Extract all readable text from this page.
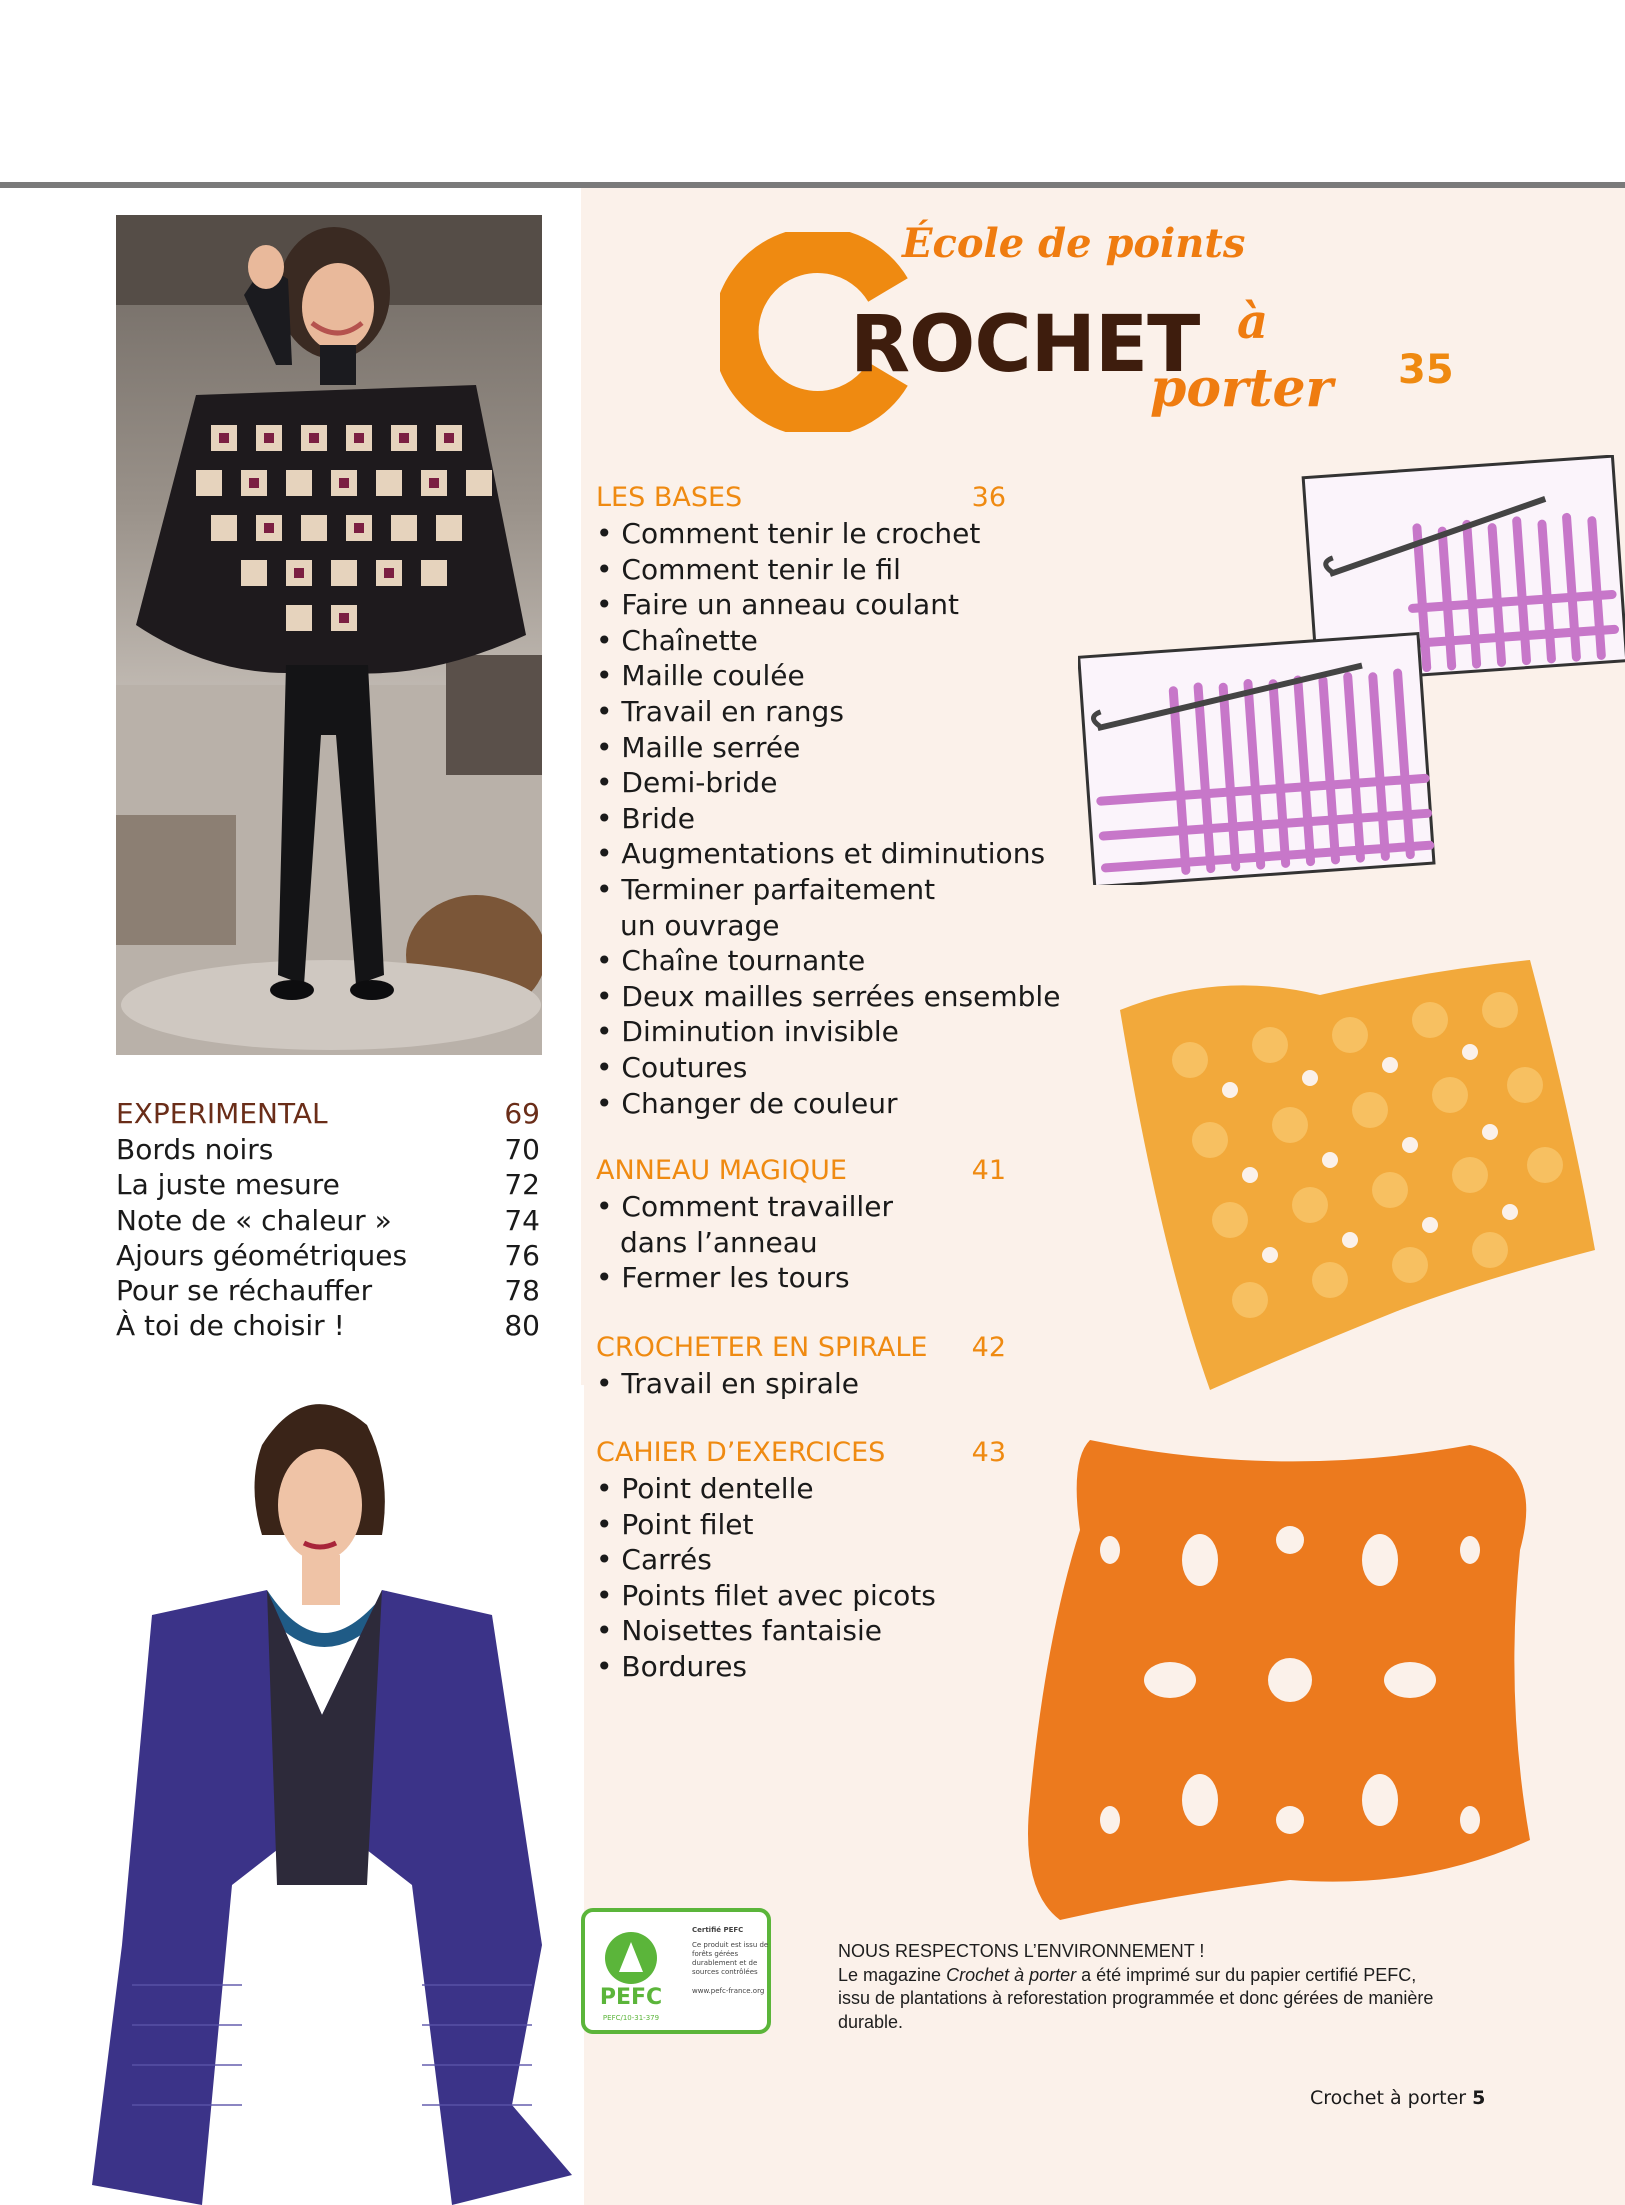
EXPERIMENTAL	69
Bords noirs	70
La juste mesure	72
Note de « chaleur »	74
Ajours géométriques	76
Pour se réchauffer	78
À toi de choisir !	80
École de points
ROCHET à
porter 35
LES BASES	36
• Comment tenir le crochet
• Comment tenir le fil
• Faire un anneau coulant
• Chaînette
• Maille coulée
• Travail en rangs
• Maille serrée
• Demi-bride
• Bride
• Augmentations et diminutions
• Terminer parfaitement
un ouvrage
• Chaîne tournante
• Deux mailles serrées ensemble
• Diminution invisible
• Coutures
• Changer de couleur
ANNEAU MAGIQUE	41
• Comment travailler
dans l’anneau
• Fermer les tours
CROCHETER EN SPIRALE 42
• Travail en spirale
CAHIER D’EXERCICES	43
• Point dentelle
• Point filet
• Carrés
• Points filet avec picots
• Noisettes fantaisie
• Bordures
PEFC
PEFC/10-31-379
Certifié PEFC
Ce produit est issu de forêts gérées durablement et de sources contrôlées
www.pefc-france.org
NOUS RESPECTONS L’ENVIRONNEMENT !
Le magazine Crochet à porter a été imprimé sur du papier certifié PEFC,
issu de plantations à reforestation programmée et donc gérées de manière
durable.
Crochet à porter 5
